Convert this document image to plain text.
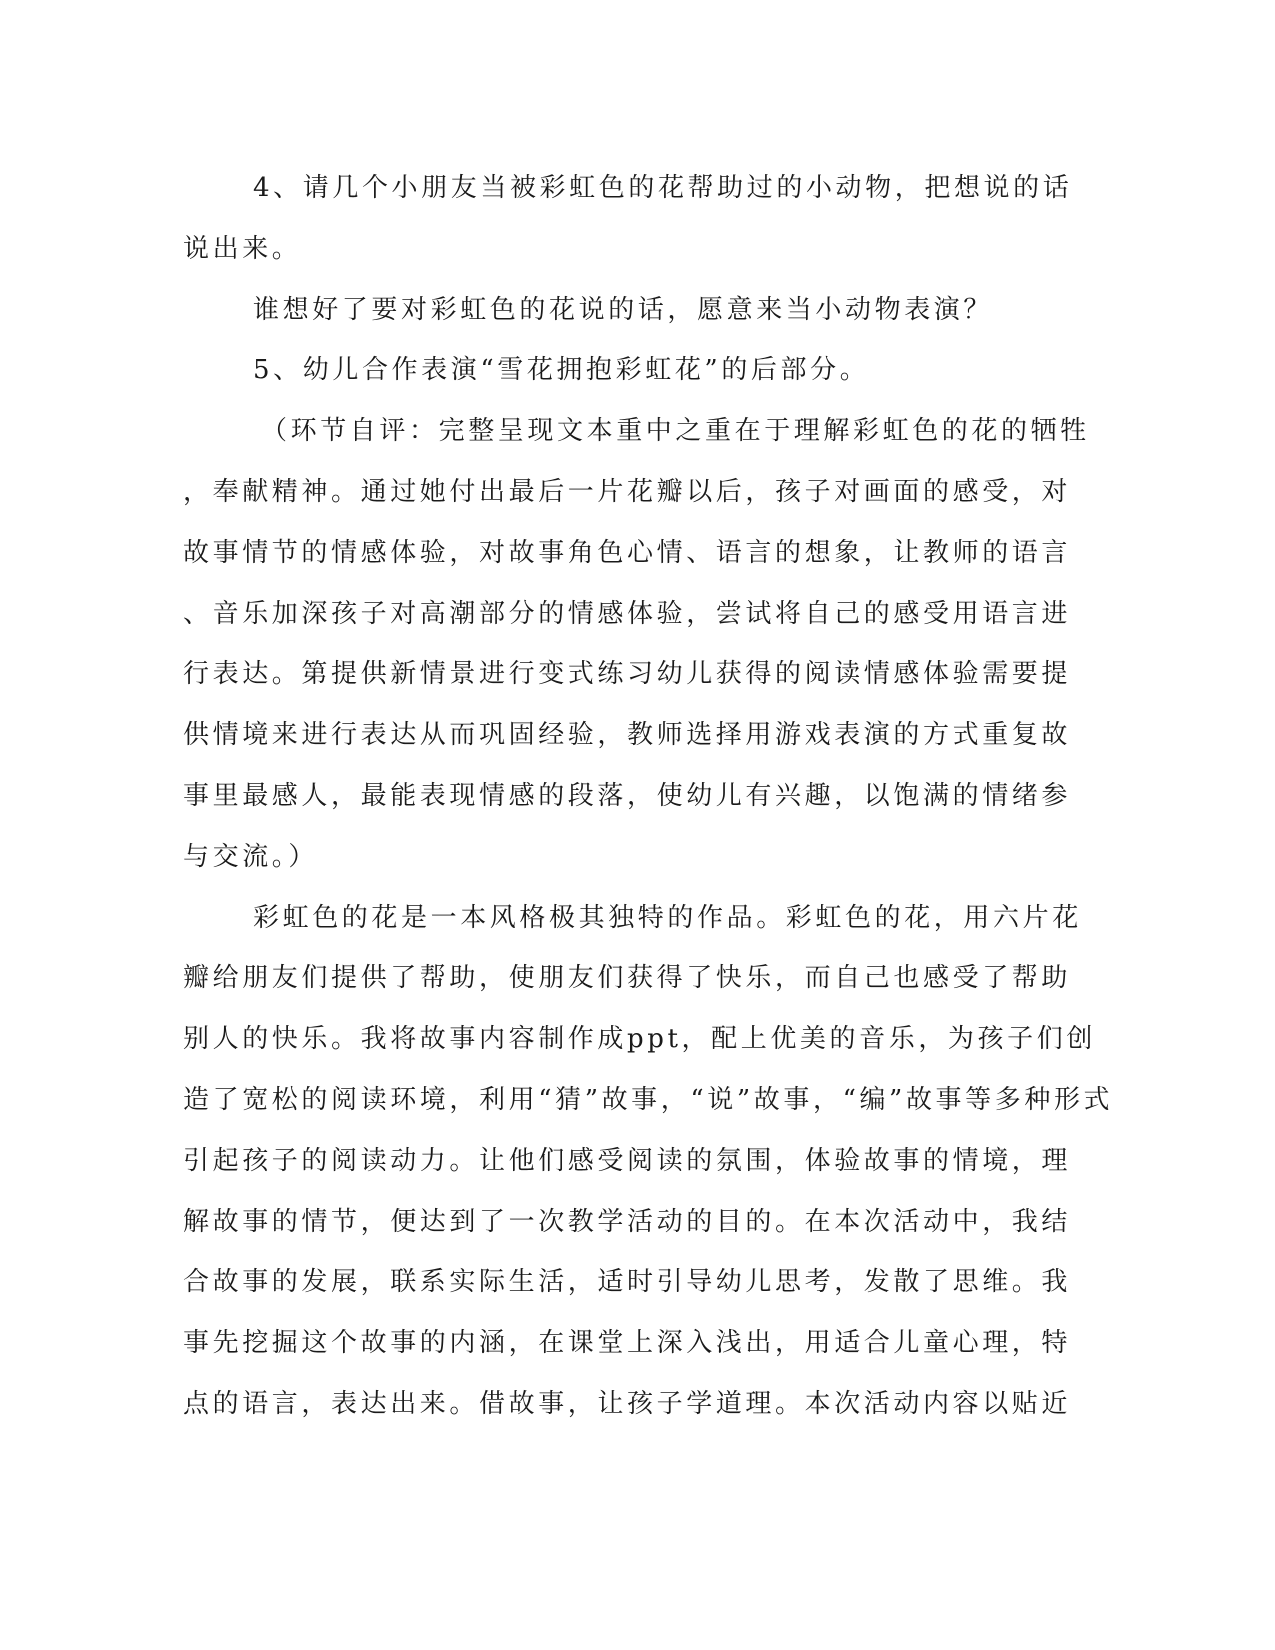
4、请几个小朋友当被彩虹色的花帮助过的小动物，把想说的话
说出来。
谁想好了要对彩虹色的花说的话，愿意来当小动物表演？
5、幼儿合作表演“雪花拥抱彩虹花”的后部分。
（环节自评：完整呈现文本重中之重在于理解彩虹色的花的牺牲
，奉献精神。通过她付出最后一片花瓣以后，孩子对画面的感受，对
故事情节的情感体验，对故事角色心情、语言的想象，让教师的语言
、音乐加深孩子对高潮部分的情感体验，尝试将自己的感受用语言进
行表达。第提供新情景进行变式练习幼儿获得的阅读情感体验需要提
供情境来进行表达从而巩固经验，教师选择用游戏表演的方式重复故
事里最感人，最能表现情感的段落，使幼儿有兴趣，以饱满的情绪参
与交流。）
彩虹色的花是一本风格极其独特的作品。彩虹色的花，用六片花
瓣给朋友们提供了帮助，使朋友们获得了快乐，而自己也感受了帮助
别人的快乐。我将故事内容制作成ppt，配上优美的音乐，为孩子们创
造了宽松的阅读环境，利用“猜”故事，“说”故事，“编”故事等多种形式
引起孩子的阅读动力。让他们感受阅读的氛围，体验故事的情境，理
解故事的情节，便达到了一次教学活动的目的。在本次活动中，我结
合故事的发展，联系实际生活，适时引导幼儿思考，发散了思维。我
事先挖掘这个故事的内涵，在课堂上深入浅出，用适合儿童心理，特
点的语言，表达出来。借故事，让孩子学道理。本次活动内容以贴近
